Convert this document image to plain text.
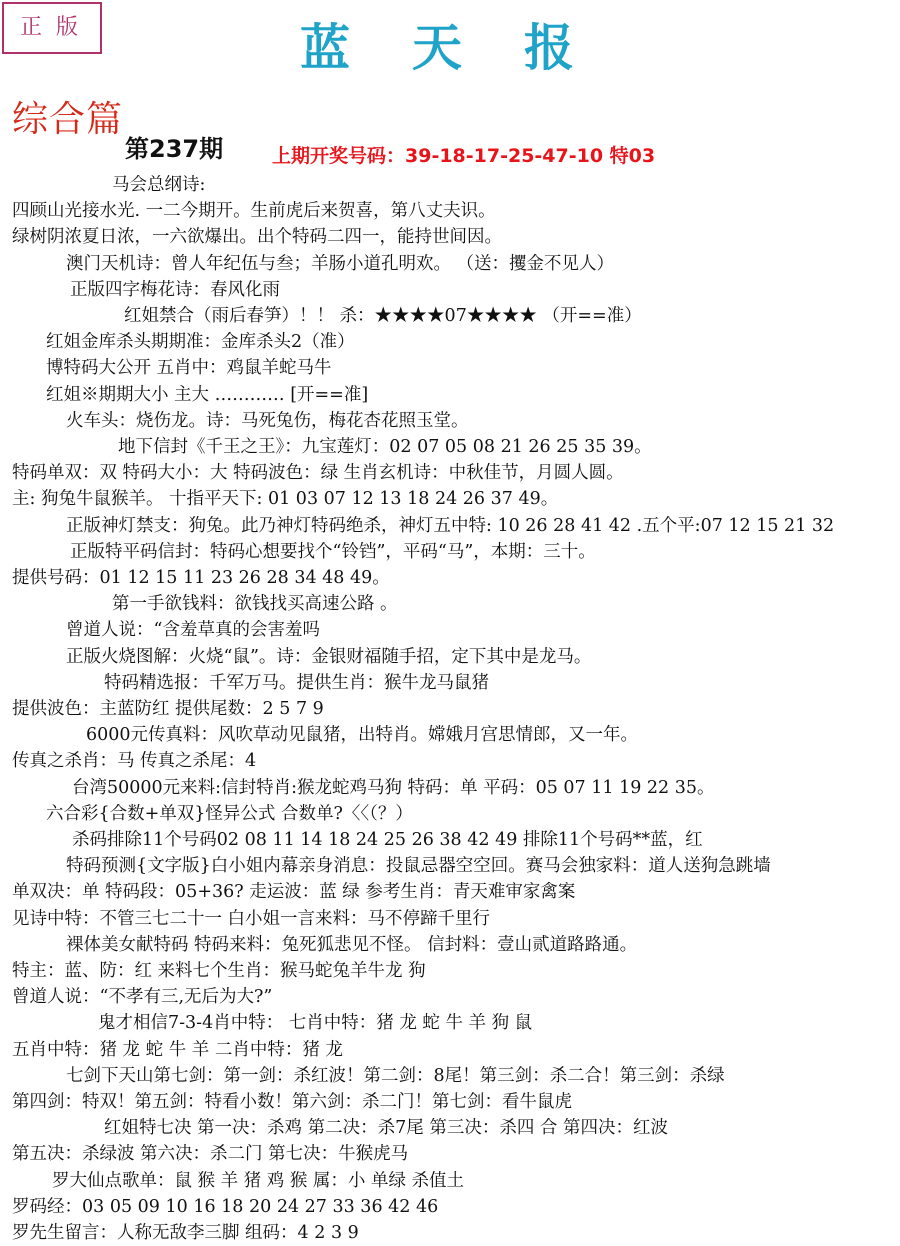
正版	蓝天报
综合篇
第237期	上期开奖号码：39-18-17-25-47-10 特03
马会总纲诗:
四顾山光接水光. 一二今期开。生前虎后来贺喜，第八丈夫识。
绿树阴浓夏日浓，一六欲爆出。出个特码二四一，能持世间因。
澳门天机诗：曾人年纪伍与叁；羊肠小道孔明欢。 （送：攫金不见人）
正版四字梅花诗：春风化雨
红姐禁合（雨后春笋）！！ 杀：★★★★07★★★★ （开==准）
红姐金库杀头期期准：金库杀头2（准）
博特码大公开 五肖中：鸡鼠羊蛇马牛
红姐※期期大小 主大 ………… [开==准]
火车头：烧伤龙。诗：马死兔伤，梅花杏花照玉堂。
地下信封《千王之王》：九宝莲灯：02 07 05 08 21 26 25 35 39。
特码单双：双 特码大小：大 特码波色：绿 生肖玄机诗：中秋佳节，月圆人圆。
主: 狗兔牛鼠猴羊。 十指平天下: 01 03 07 12 13 18 24 26 37 49。
正版神灯禁支：狗兔。此乃神灯特码绝杀，神灯五中特: 10 26 28 41 42 .五个平:07 12 15 21 32
正版特平码信封：特码心想要找个“铃铛”，平码“马”，本期：三十。
提供号码：01 12 15 11 23 26 28 34 48 49。
第一手欲钱料：欲钱找买高速公路 。
曾道人说：“含羞草真的会害羞吗
正版火烧图解：火烧“鼠”。诗：金银财福随手招，定下其中是龙马。
特码精选报：千军万马。提供生肖：猴牛龙马鼠猪
提供波色：主蓝防红 提供尾数：2 5 7 9
6000元传真料：风吹草动见鼠猪，出特肖。嫦娥月宫思情郎，又一年。
传真之杀肖：马 传真之杀尾：4
台湾50000元来料:信封特肖:猴龙蛇鸡马狗 特码：单 平码：05 07 11 19 22 35。
六合彩{合数+单双}怪异公式 合数单?〈〈（？）
杀码排除11个号码02 08 11 14 18 24 25 26 38 42 49 排除11个号码**蓝，红
特码预测{文字版}白小姐内幕亲身消息：投鼠忌器空空回。赛马会独家料：道人送狗急跳墙
单双决：单 特码段：05+36? 走运波：蓝 绿 参考生肖：青天难审家禽案
见诗中特：不管三七二十一 白小姐一言来料：马不停蹄千里行
裸体美女献特码 特码来料：兔死狐悲见不怪。 信封料：壹山贰道路路通。
特主：蓝、防：红 来料七个生肖：猴马蛇兔羊牛龙 狗
曾道人说：“不孝有三,无后为大?”
鬼才相信7-3-4肖中特： 七肖中特：猪 龙 蛇 牛 羊 狗 鼠
五肖中特：猪 龙 蛇 牛 羊 二肖中特：猪 龙
七剑下天山第七剑：第一剑：杀红波！第二剑：8尾！第三剑：杀二合！第三剑：杀绿
第四剑：特双！第五剑：特看小数！第六剑：杀二门！第七剑：看牛鼠虎
红姐特七决 第一决：杀鸡 第二决：杀7尾 第三决：杀四 合 第四决：红波
第五决：杀绿波 第六决：杀二门 第七决：牛猴虎马
罗大仙点歌单：鼠 猴 羊 猪 鸡 猴 属：小 单绿 杀值土
罗码经：03 05 09 10 16 18 20 24 27 33 36 42 46
罗先生留言：人称无敌李三脚 组码：4 2 3 9
